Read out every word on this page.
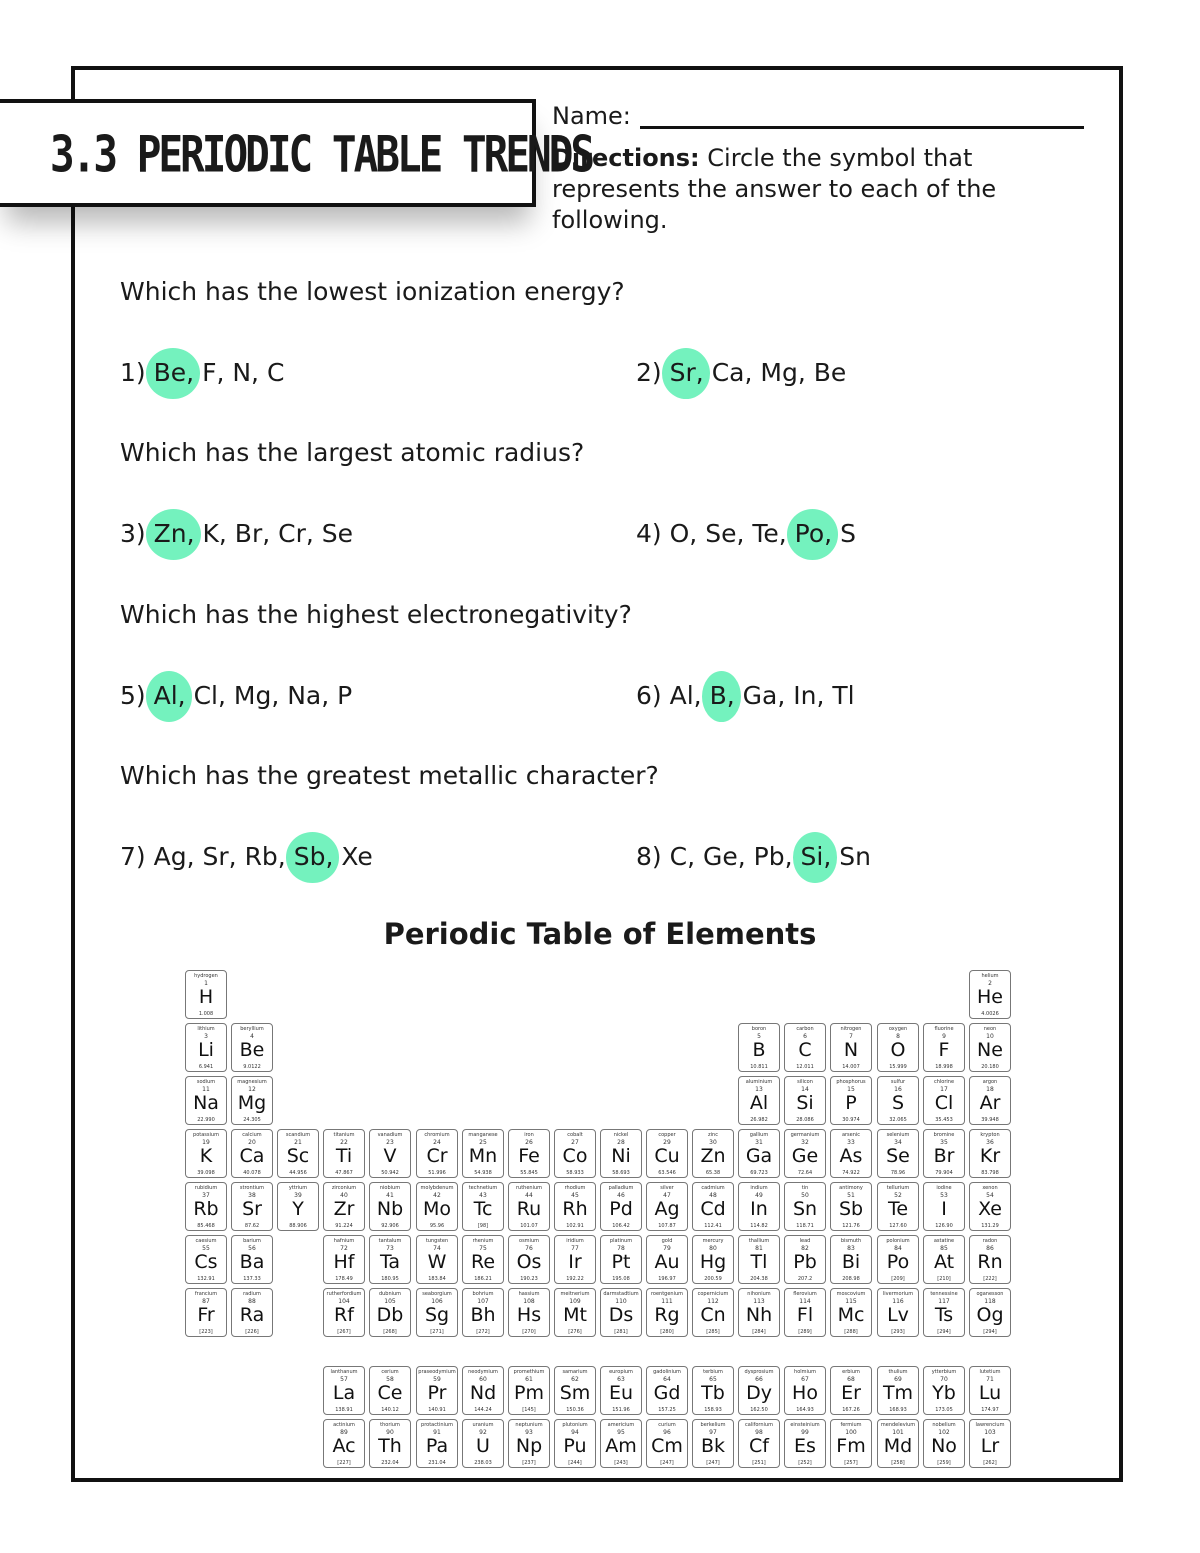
3.3 PERIODIC TABLE TRENDS
Name:
Directions: Circle the symbol that represents the answer to each of the following.
Which has the lowest ionization energy?
1) Be, F, N, C	2) Sr, Ca, Mg, Be
Which has the largest atomic radius?
3) Zn, K, Br, Cr, Se	4) O, Se, Te, Po, S
Which has the highest electronegativity?
5) Al, Cl, Mg, Na, P	6) Al, B, Ga, In, Tl
Which has the greatest metallic character?
7) Ag, Sr, Rb, Sb, Xe	8) C, Ge, Pb, Si, Sn
Periodic Table of Elements
hydrogen
1
H
1.008
helium
2
He
4.0026
lithium
3
Li
6.941
beryllium
4
Be
9.0122
boron
5
B
10.811
carbon
6
C
12.011
nitrogen
7
N
14.007
oxygen
8
O
15.999
fluorine
9
F
18.998
neon
10
Ne
20.180
sodium
11
Na
22.990
magnesium
12
Mg
24.305
aluminium
13
Al
26.982
silicon
14
Si
28.086
phosphorus
15
P
30.974
sulfur
16
S
32.065
chlorine
17
Cl
35.453
argon
18
Ar
39.948
potassium
19
K
39.098
calcium
20
Ca
40.078
scandium
21
Sc
44.956
titanium
22
Ti
47.867
vanadium
23
V
50.942
chromium
24
Cr
51.996
manganese
25
Mn
54.938
iron
26
Fe
55.845
cobalt
27
Co
58.933
nickel
28
Ni
58.693
copper
29
Cu
63.546
zinc
30
Zn
65.38
gallium
31
Ga
69.723
germanium
32
Ge
72.64
arsenic
33
As
74.922
selenium
34
Se
78.96
bromine
35
Br
79.904
krypton
36
Kr
83.798
rubidium
37
Rb
85.468
strontium
38
Sr
87.62
yttrium
39
Y
88.906
zirconium
40
Zr
91.224
niobium
41
Nb
92.906
molybdenum
42
Mo
95.96
technetium
43
Tc
[98]
ruthenium
44
Ru
101.07
rhodium
45
Rh
102.91
palladium
46
Pd
106.42
silver
47
Ag
107.87
cadmium
48
Cd
112.41
indium
49
In
114.82
tin
50
Sn
118.71
antimony
51
Sb
121.76
tellurium
52
Te
127.60
iodine
53
I
126.90
xenon
54
Xe
131.29
caesium
55
Cs
132.91
barium
56
Ba
137.33
hafnium
72
Hf
178.49
tantalum
73
Ta
180.95
tungsten
74
W
183.84
rhenium
75
Re
186.21
osmium
76
Os
190.23
iridium
77
Ir
192.22
platinum
78
Pt
195.08
gold
79
Au
196.97
mercury
80
Hg
200.59
thallium
81
Tl
204.38
lead
82
Pb
207.2
bismuth
83
Bi
208.98
polonium
84
Po
[209]
astatine
85
At
[210]
radon
86
Rn
[222]
francium
87
Fr
[223]
radium
88
Ra
[226]
rutherfordium
104
Rf
[267]
dubnium
105
Db
[268]
seaborgium
106
Sg
[271]
bohrium
107
Bh
[272]
hassium
108
Hs
[270]
meitnerium
109
Mt
[276]
darmstadtium
110
Ds
[281]
roentgenium
111
Rg
[280]
copernicium
112
Cn
[285]
nihonium
113
Nh
[284]
flerovium
114
Fl
[289]
moscovium
115
Mc
[288]
livermorium
116
Lv
[293]
tennessine
117
Ts
[294]
oganesson
118
Og
[294]
lanthanum
57
La
138.91
cerium
58
Ce
140.12
praseodymium
59
Pr
140.91
neodymium
60
Nd
144.24
promethium
61
Pm
[145]
samarium
62
Sm
150.36
europium
63
Eu
151.96
gadolinium
64
Gd
157.25
terbium
65
Tb
158.93
dysprosium
66
Dy
162.50
holmium
67
Ho
164.93
erbium
68
Er
167.26
thulium
69
Tm
168.93
ytterbium
70
Yb
173.05
lutetium
71
Lu
174.97
actinium
89
Ac
[227]
thorium
90
Th
232.04
protactinium
91
Pa
231.04
uranium
92
U
238.03
neptunium
93
Np
[237]
plutonium
94
Pu
[244]
americium
95
Am
[243]
curium
96
Cm
[247]
berkelium
97
Bk
[247]
californium
98
Cf
[251]
einsteinium
99
Es
[252]
fermium
100
Fm
[257]
mendelevium
101
Md
[258]
nobelium
102
No
[259]
lawrencium
103
Lr
[262]
